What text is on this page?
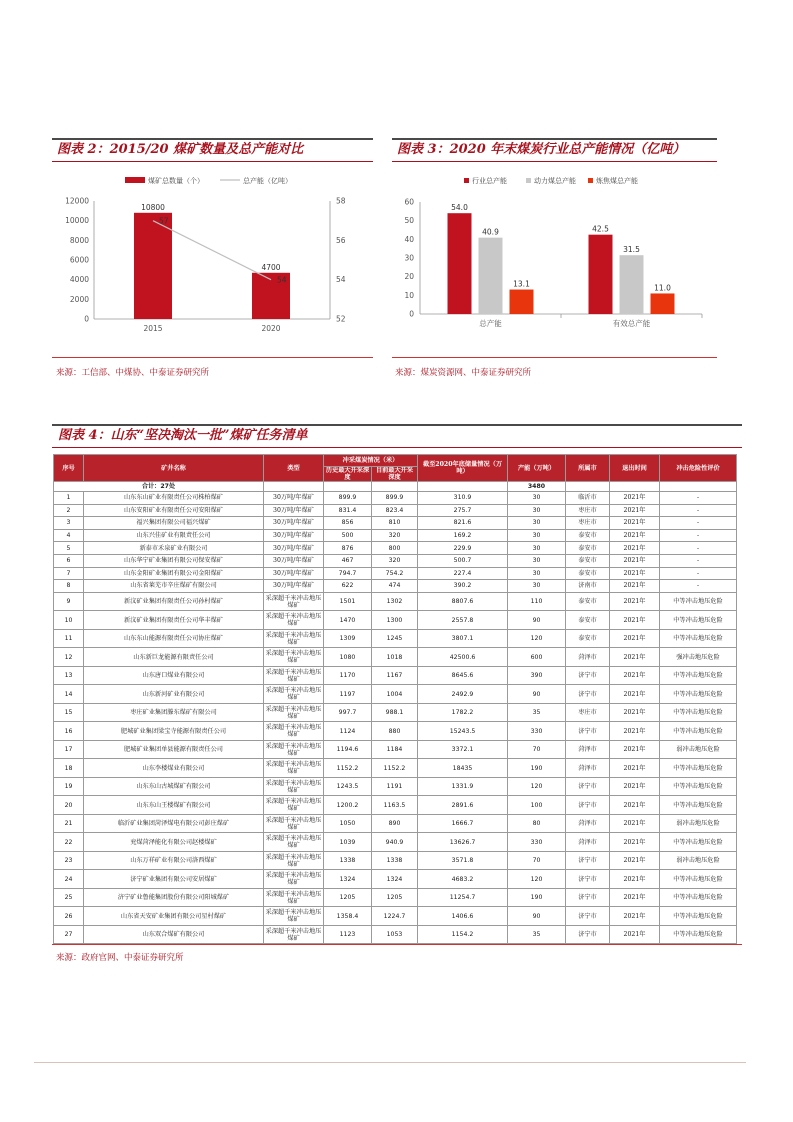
图表 2：2015/20 煤矿数量及总产能对比
煤矿总数量（个）	总产能（亿吨）
0
2000
4000
6000
8000
10000
12000
52
54
56
58
2015	2020
10800
4700
57
54
来源：工信部、中煤协、中泰证券研究所
图表 3：2020 年末煤炭行业总产能情况（亿吨）
行业总产能	动力煤总产能	炼焦煤总产能
0
10
20
30
40
50
60
总产能	有效总产能
54.0
40.9
13.1
42.5
31.5
11.0
来源：煤炭资源网、中泰证券研究所
图表 4：山东“坚决淘汰一批”煤矿任务清单
序号	矿井名称	类型	冲采煤炭情况（米）		截至2020年底储量情况（万吨）	产能（万吨）	所属市	退出时间	冲击危险性评价
			历史最大开采深度	目前最大开采深度					
合计：27处						3480			
1	山东东山矿业有限责任公司株柏煤矿	30万吨/年煤矿	899.9	899.9	310.9	30	临沂市	2021年	-
2	山东安阳矿业有限责任公司安阳煤矿	30万吨/年煤矿	831.4	823.4	275.7	30	枣庄市	2021年	-
3	福兴集团有限公司福兴煤矿	30万吨/年煤矿	856	810	821.6	30	枣庄市	2021年	-
4	山东兴佳矿业有限责任公司	30万吨/年煤矿	500	320	169.2	30	泰安市	2021年	-
5	新泰市禾泉矿业有限公司	30万吨/年煤矿	876	800	229.9	30	泰安市	2021年	-
6	山东华宁矿业集团有限公司保安煤矿	30万吨/年煤矿	467	320	500.7	30	泰安市	2021年	-
7	山东金阳矿业集团有限公司金阳煤矿	30万吨/年煤矿	794.7	754.2	227.4	30	泰安市	2021年	-
8	山东省莱芜市辛庄煤矿有限公司	30万吨/年煤矿	622	474	390.2	30	济南市	2021年	-
9	新汶矿业集团有限责任公司孙村煤矿	采深超千米冲击地压煤矿	1501	1302	8807.6	110	泰安市	2021年	中等冲击地压危险
10	新汶矿业集团有限责任公司华丰煤矿	采深超千米冲击地压煤矿	1470	1300	2557.8	90	泰安市	2021年	中等冲击地压危险
11	山东东山能源有限责任公司协庄煤矿	采深超千米冲击地压煤矿	1309	1245	3807.1	120	泰安市	2021年	中等冲击地压危险
12	山东新巨龙能源有限责任公司	采深超千米冲击地压煤矿	1080	1018	42500.6	600	菏泽市	2021年	强冲击地压危险
13	山东唐口煤业有限公司	采深超千米冲击地压煤矿	1170	1167	8645.6	390	济宁市	2021年	中等冲击地压危险
14	山东新河矿业有限公司	采深超千米冲击地压煤矿	1197	1004	2492.9	90	济宁市	2021年	中等冲击地压危险
15	枣庄矿业集团滕东煤矿有限公司	采深超千米冲击地压煤矿	997.7	988.1	1782.2	35	枣庄市	2021年	中等冲击地压危险
16	肥城矿业集团梁宝寺能源有限责任公司	采深超千米冲击地压煤矿	1124	880	15243.5	330	济宁市	2021年	中等冲击地压危险
17	肥城矿业集团单县能源有限责任公司	采深超千米冲击地压煤矿	1194.6	1184	3372.1	70	菏泽市	2021年	弱冲击地压危险
18	山东李楼煤业有限公司	采深超千米冲击地压煤矿	1152.2	1152.2	18435	190	菏泽市	2021年	中等冲击地压危险
19	山东东山古城煤矿有限公司	采深超千米冲击地压煤矿	1243.5	1191	1331.9	120	济宁市	2021年	中等冲击地压危险
20	山东东山王楼煤矿有限公司	采深超千米冲击地压煤矿	1200.2	1163.5	2891.6	100	济宁市	2021年	中等冲击地压危险
21	临沂矿业集团菏泽煤电有限公司彭庄煤矿	采深超千米冲击地压煤矿	1050	890	1666.7	80	菏泽市	2021年	弱冲击地压危险
22	兖煤菏泽能化有限公司赵楼煤矿	采深超千米冲击地压煤矿	1039	940.9	13626.7	330	菏泽市	2021年	中等冲击地压危险
23	山东万祥矿业有限公司洛西煤矿	采深超千米冲击地压煤矿	1338	1338	3571.8	70	济宁市	2021年	弱冲击地压危险
24	济宁矿业集团有限公司安居煤矿	采深超千米冲击地压煤矿	1324	1324	4683.2	120	济宁市	2021年	中等冲击地压危险
25	济宁矿业鲁能集团股份有限公司阳城煤矿	采深超千米冲击地压煤矿	1205	1205	11254.7	190	济宁市	2021年	中等冲击地压危险
26	山东省天安矿业集团有限公司星村煤矿	采深超千米冲击地压煤矿	1358.4	1224.7	1406.6	90	济宁市	2021年	中等冲击地压危险
27	山东双合煤矿有限公司	采深超千米冲击地压煤矿	1123	1053	1154.2	35	济宁市	2021年	中等冲击地压危险
来源：政府官网、中泰证券研究所
